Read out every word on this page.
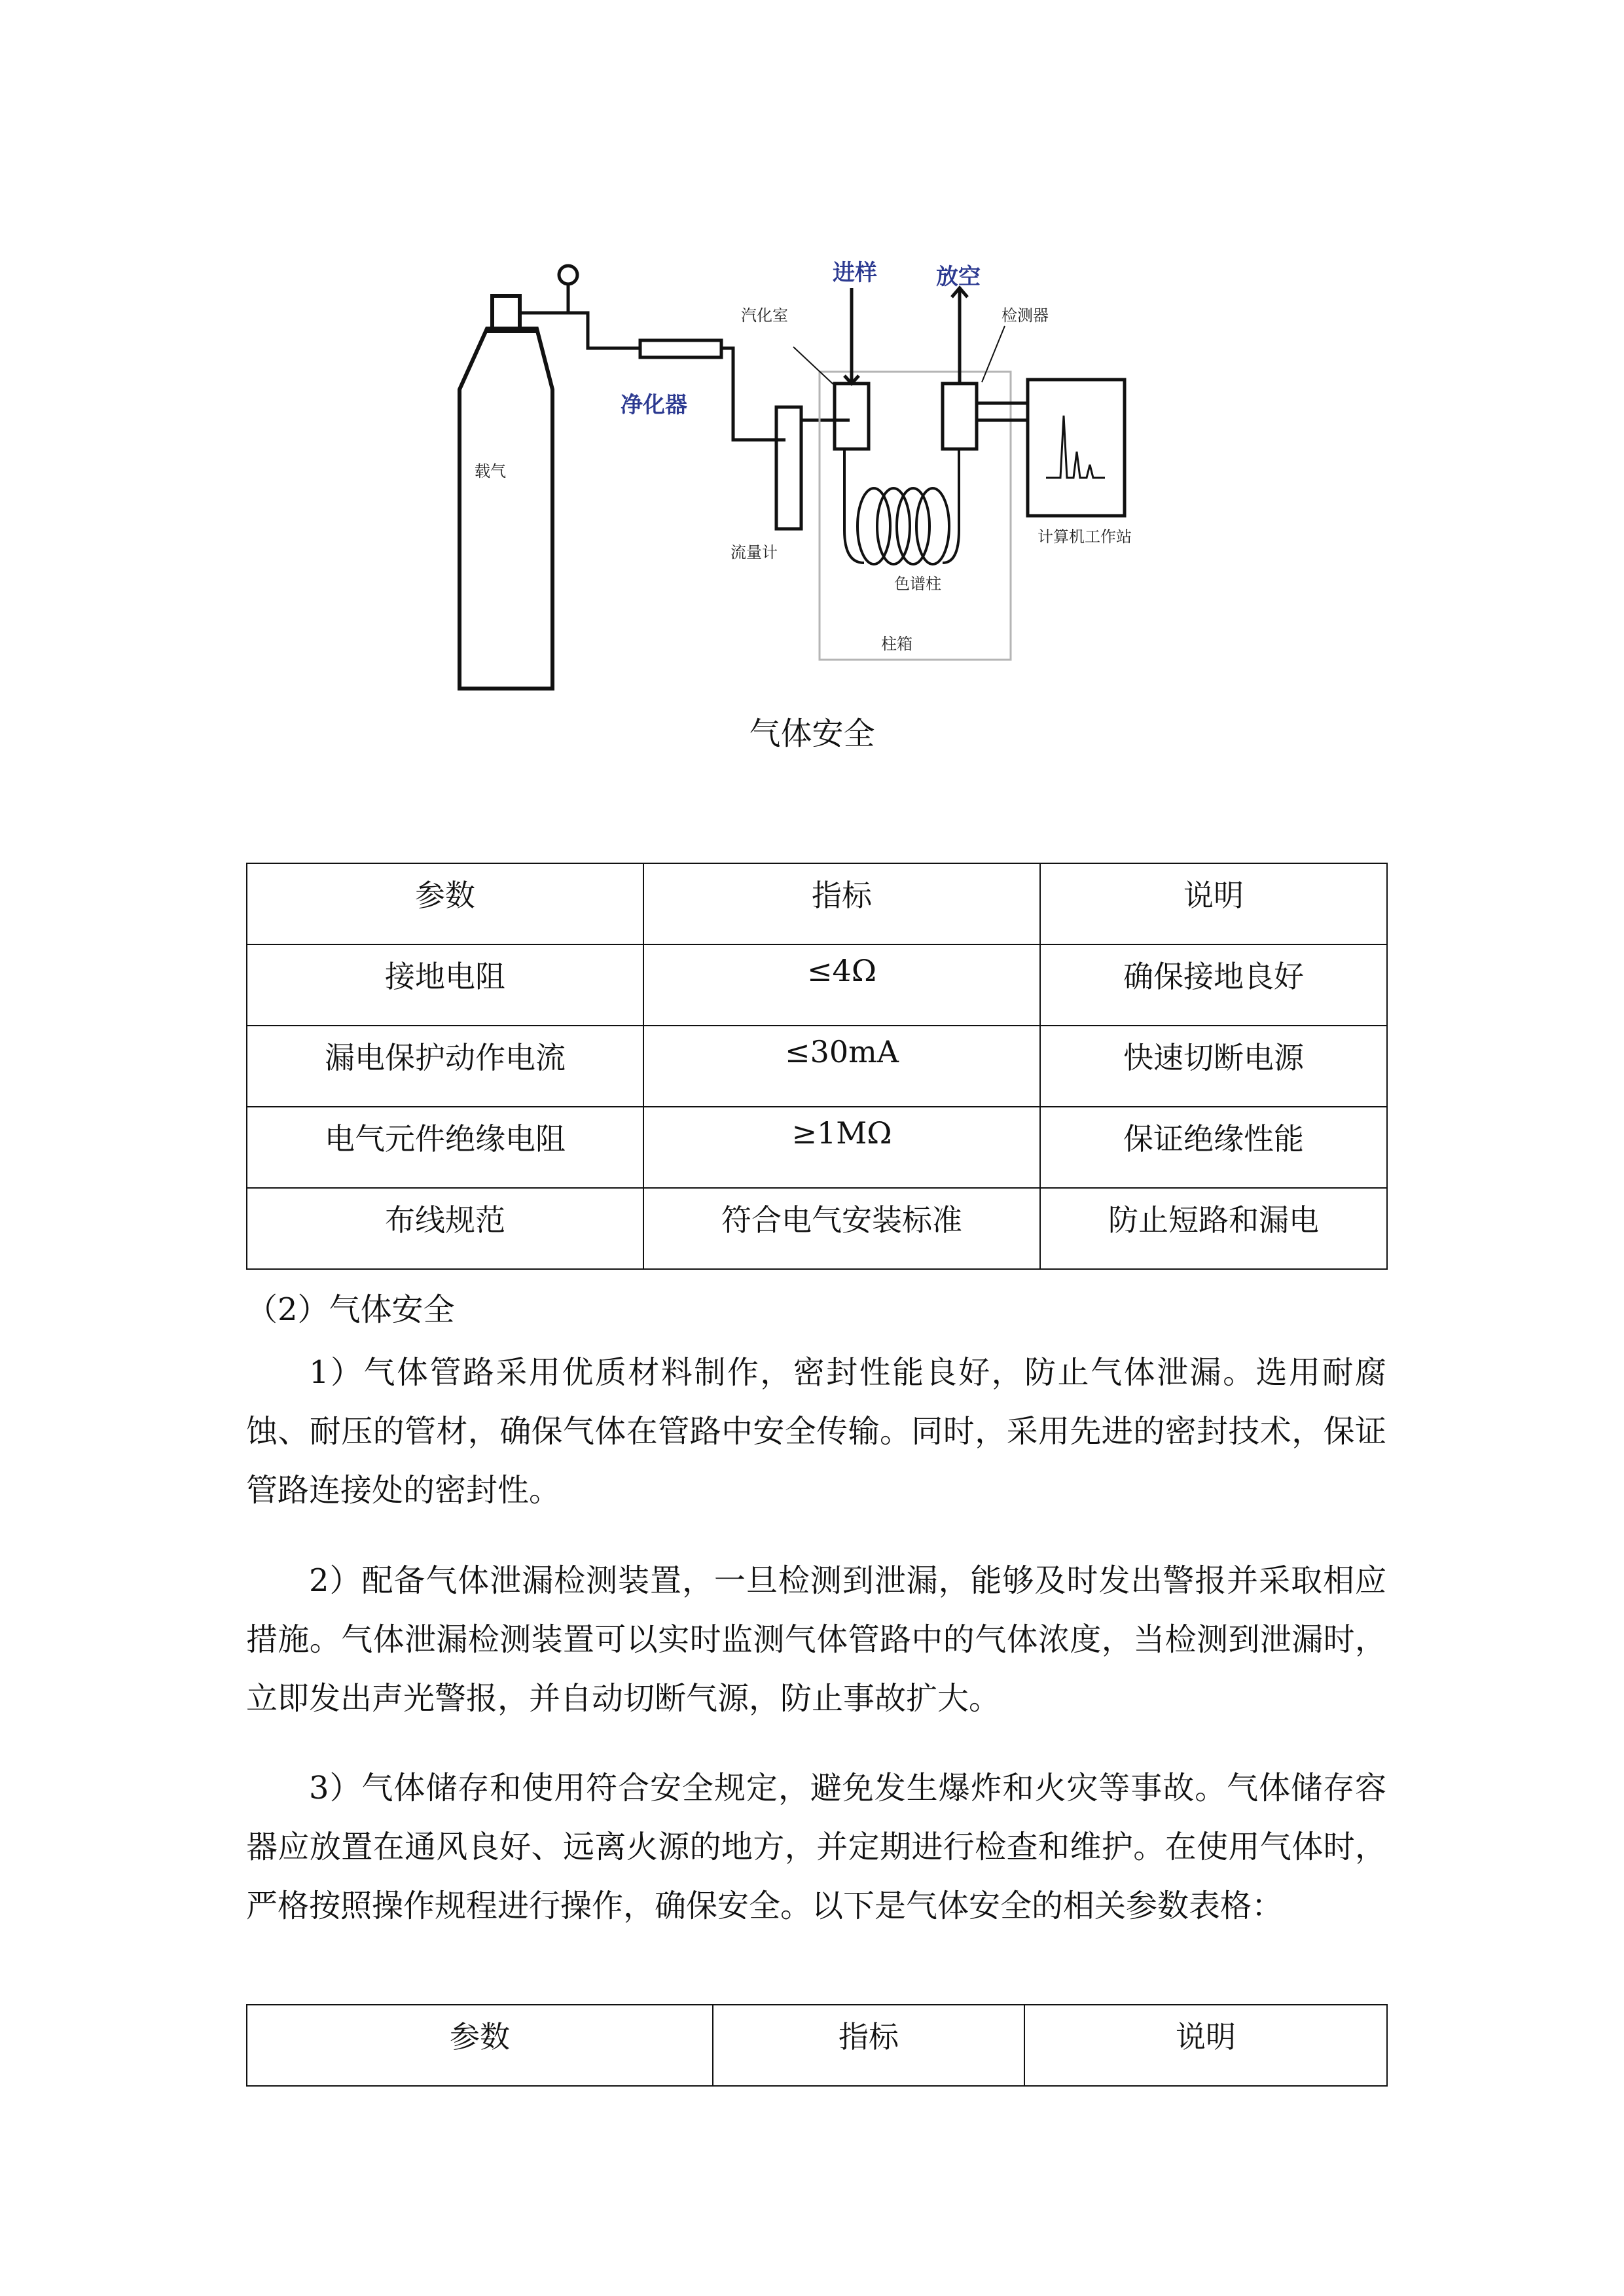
载气
净化器
进样	放空
汽化室	检测器
流量计
色谱柱
柱箱
计算机工作站
气体安全
参数	指标	说明
接地电阻	≤4Ω	确保接地良好
漏电保护动作电流	≤30mA	快速切断电源
电气元件绝缘电阻	≥1MΩ	保证绝缘性能
布线规范	符合电气安装标准	防止短路和漏电
（2）气体安全

1）气体管路采用优质材料制作，密封性能良好，防止气体泄漏。选用耐腐蚀、耐压的管材，确保气体在管路中安全传输。同时，采用先进的密封技术，保证管路连接处的密封性。

2）配备气体泄漏检测装置，一旦检测到泄漏，能够及时发出警报并采取相应措施。气体泄漏检测装置可以实时监测气体管路中的气体浓度，当检测到泄漏时，立即发出声光警报，并自动切断气源，防止事故扩大。

3）气体储存和使用符合安全规定，避免发生爆炸和火灾等事故。气体储存容器应放置在通风良好、远离火源的地方，并定期进行检查和维护。在使用气体时，严格按照操作规程进行操作，确保安全。以下是气体安全的相关参数表格：

参数	指标	说明
